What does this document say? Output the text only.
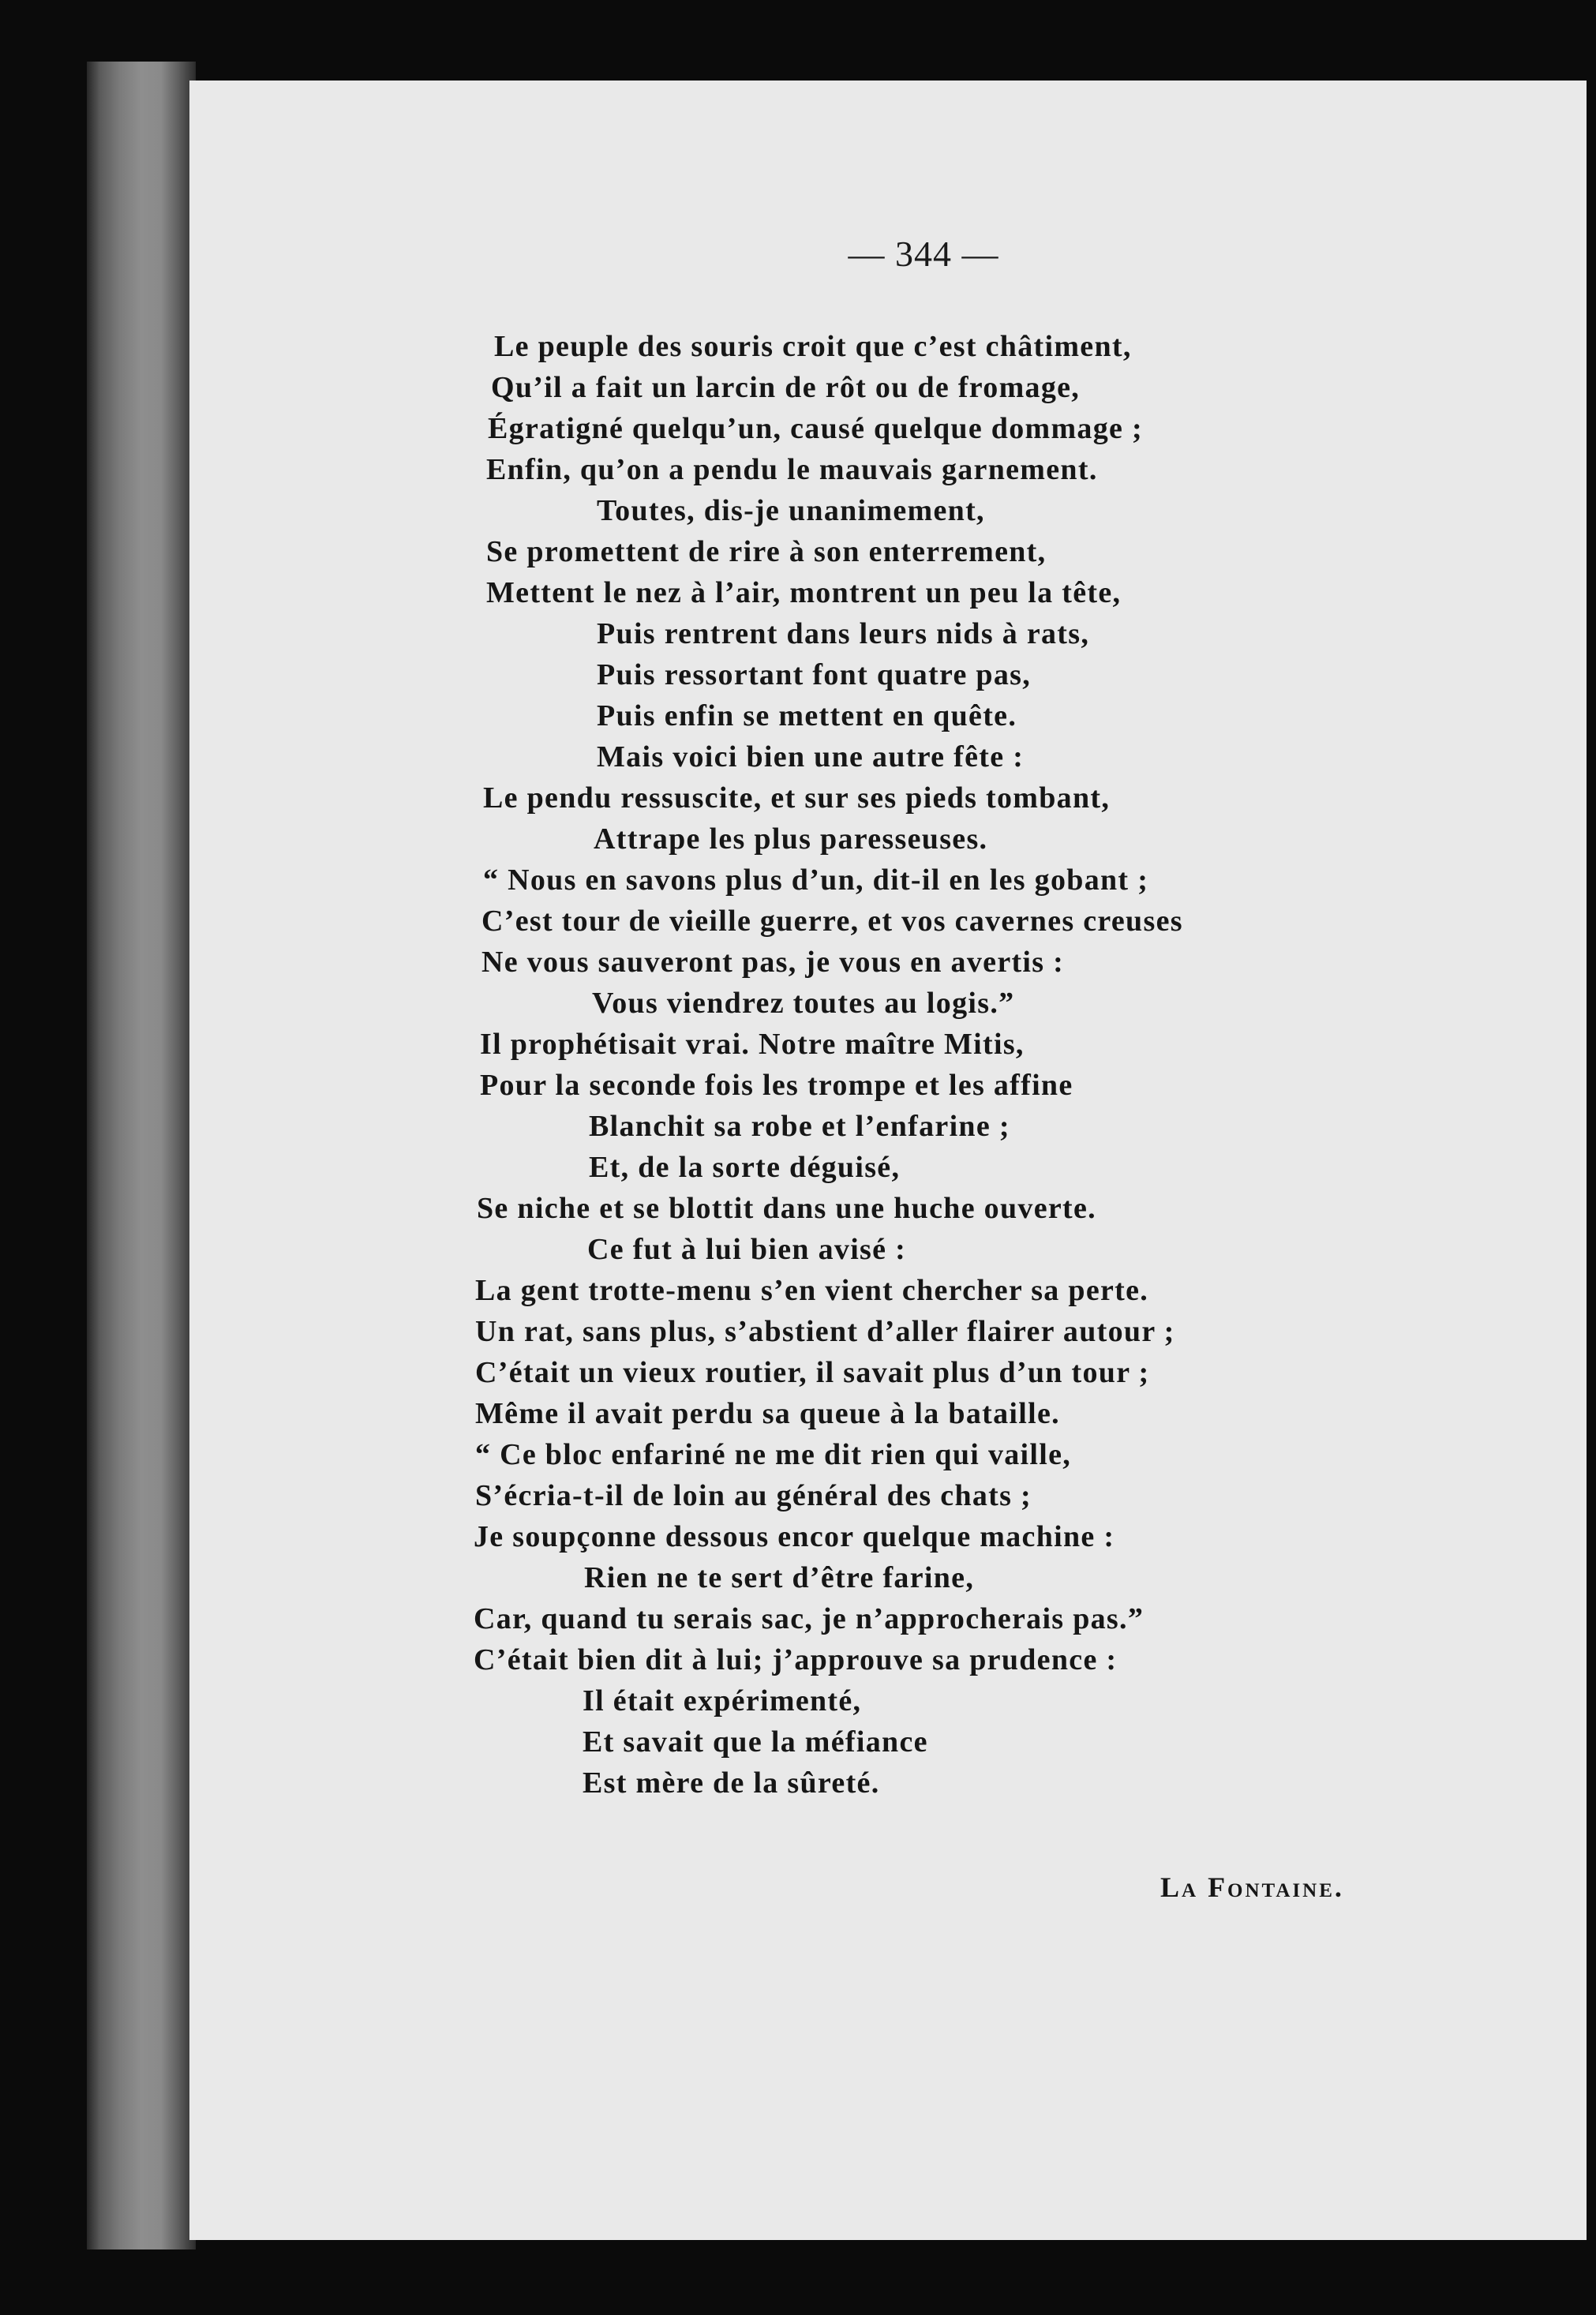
— 344 —
Le peuple des souris croit que c’est châtiment,
Qu’il a fait un larcin de rôt ou de fromage,
Égratigné quelqu’un, causé quelque dommage ;
Enfin, qu’on a pendu le mauvais garnement.
Toutes, dis-je unanimement,
Se promettent de rire à son enterrement,
Mettent le nez à l’air, montrent un peu la tête,
Puis rentrent dans leurs nids à rats,
Puis ressortant font quatre pas,
Puis enfin se mettent en quête.
Mais voici bien une autre fête :
Le pendu ressuscite, et sur ses pieds tombant,
Attrape les plus paresseuses.
“ Nous en savons plus d’un, dit-il en les gobant ;
C’est tour de vieille guerre, et vos cavernes creuses
Ne vous sauveront pas, je vous en avertis :
Vous viendrez toutes au logis.”
Il prophétisait vrai. Notre maître Mitis,
Pour la seconde fois les trompe et les affine
Blanchit sa robe et l’enfarine ;
Et, de la sorte déguisé,
Se niche et se blottit dans une huche ouverte.
Ce fut à lui bien avisé :
La gent trotte-menu s’en vient chercher sa perte.
Un rat, sans plus, s’abstient d’aller flairer autour ;
C’était un vieux routier, il savait plus d’un tour ;
Même il avait perdu sa queue à la bataille.
“ Ce bloc enfariné ne me dit rien qui vaille,
S’écria-t-il de loin au général des chats ;
Je soupçonne dessous encor quelque machine :
Rien ne te sert d’être farine,
Car, quand tu serais sac, je n’approcherais pas.”
C’était bien dit à lui; j’approuve sa prudence :
Il était expérimenté,
Et savait que la méfiance
Est mère de la sûreté.
La Fontaine.
